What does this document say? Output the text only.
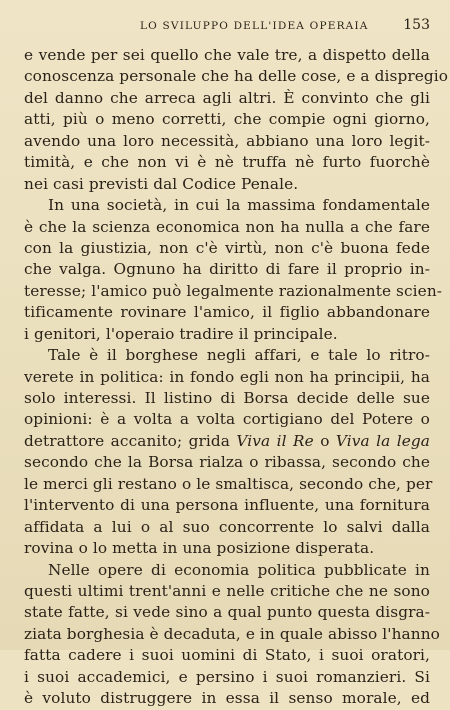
LO SVILUPPO DELL'IDEA OPERAIA 153
e vende per sei quello che vale tre, a dispetto della
conoscenza personale che ha delle cose, e a dispregio
del danno che arreca agli altri. È convinto che gli
atti, più o meno corretti, che compie ogni giorno,
avendo una loro necessità, abbiano una loro legit-
timità, e che non vi è nè truffa nè furto fuorchè
nei casi previsti dal Codice Penale.
In una società, in cui la massima fondamentale
è che la scienza economica non ha nulla a che fare
con la giustizia, non c'è virtù, non c'è buona fede
che valga. Ognuno ha diritto di fare il proprio in-
teresse; l'amico può legalmente razionalmente scien-
tificamente rovinare l'amico, il figlio abbandonare
i genitori, l'operaio tradire il principale.
Tale è il borghese negli affari, e tale lo ritro-
verete in politica: in fondo egli non ha principii, ha
solo interessi. Il listino di Borsa decide delle sue
opinioni: è a volta a volta cortigiano del Potere o
detrattore accanito; grida Viva il Re o Viva la lega
secondo che la Borsa rialza o ribassa, secondo che
le merci gli restano o le smaltisca, secondo che, per
l'intervento di una persona influente, una fornitura
affidata a lui o al suo concorrente lo salvi dalla
rovina o lo metta in una posizione disperata.
Nelle opere di economia politica pubblicate in
questi ultimi trent'anni e nelle critiche che ne sono
state fatte, si vede sino a qual punto questa disgra-
ziata borghesia è decaduta, e in quale abisso l'hanno
fatta cadere i suoi uomini di Stato, i suoi oratori,
i suoi accademici, e persino i suoi romanzieri. Si
è voluto distruggere in essa il senso morale, ed
